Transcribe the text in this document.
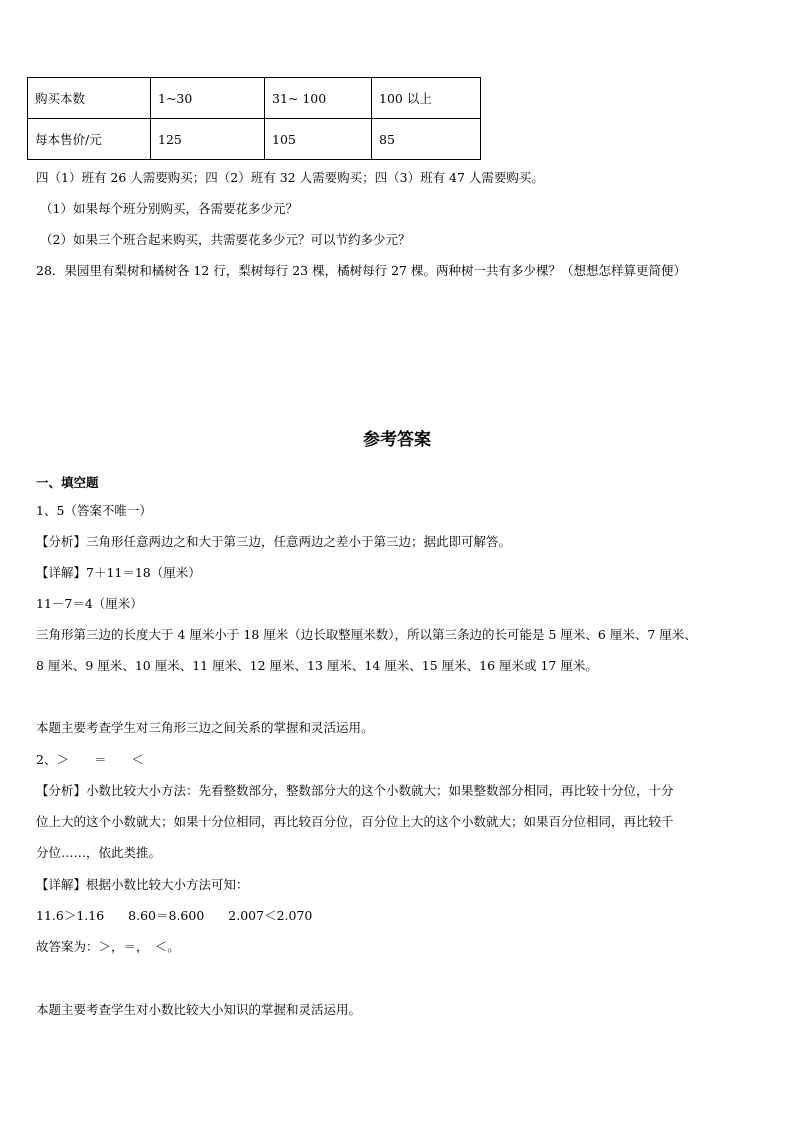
购买本数	1~30	31~ 100	100 以上
每本售价/元	125	105	85
四（1）班有 26 人需要购买；四（2）班有 32 人需要购买；四（3）班有 47 人需要购买。
（1）如果每个班分别购买，各需要花多少元？
（2）如果三个班合起来购买，共需要花多少元？可以节约多少元？
28．果园里有梨树和橘树各 12 行，梨树每行 23 棵，橘树每行 27 棵。两种树一共有多少棵？（想想怎样算更简便）
参考答案
一、填空题
1、5（答案不唯一）
【分析】三角形任意两边之和大于第三边，任意两边之差小于第三边；据此即可解答。
【详解】7＋11＝18（厘米）
11－7＝4（厘米）
三角形第三边的长度大于 4 厘米小于 18 厘米（边长取整厘米数），所以第三条边的长可能是 5 厘米、6 厘米、7 厘米、
8 厘米、9 厘米、10 厘米、11 厘米、12 厘米、13 厘米、14 厘米、15 厘米、16 厘米或 17 厘米。
本题主要考查学生对三角形三边之间关系的掌握和灵活运用。
2、＞　　＝　　＜
【分析】小数比较大小方法：先看整数部分，整数部分大的这个小数就大；如果整数部分相同，再比较十分位，十分
位上大的这个小数就大；如果十分位相同，再比较百分位，百分位上大的这个小数就大；如果百分位相同，再比较千
分位……，依此类推。
【详解】根据小数比较大小方法可知：
11.6＞1.16 8.60＝8.600 2.007＜2.070
故答案为：＞，＝，　＜。
本题主要考查学生对小数比较大小知识的掌握和灵活运用。
